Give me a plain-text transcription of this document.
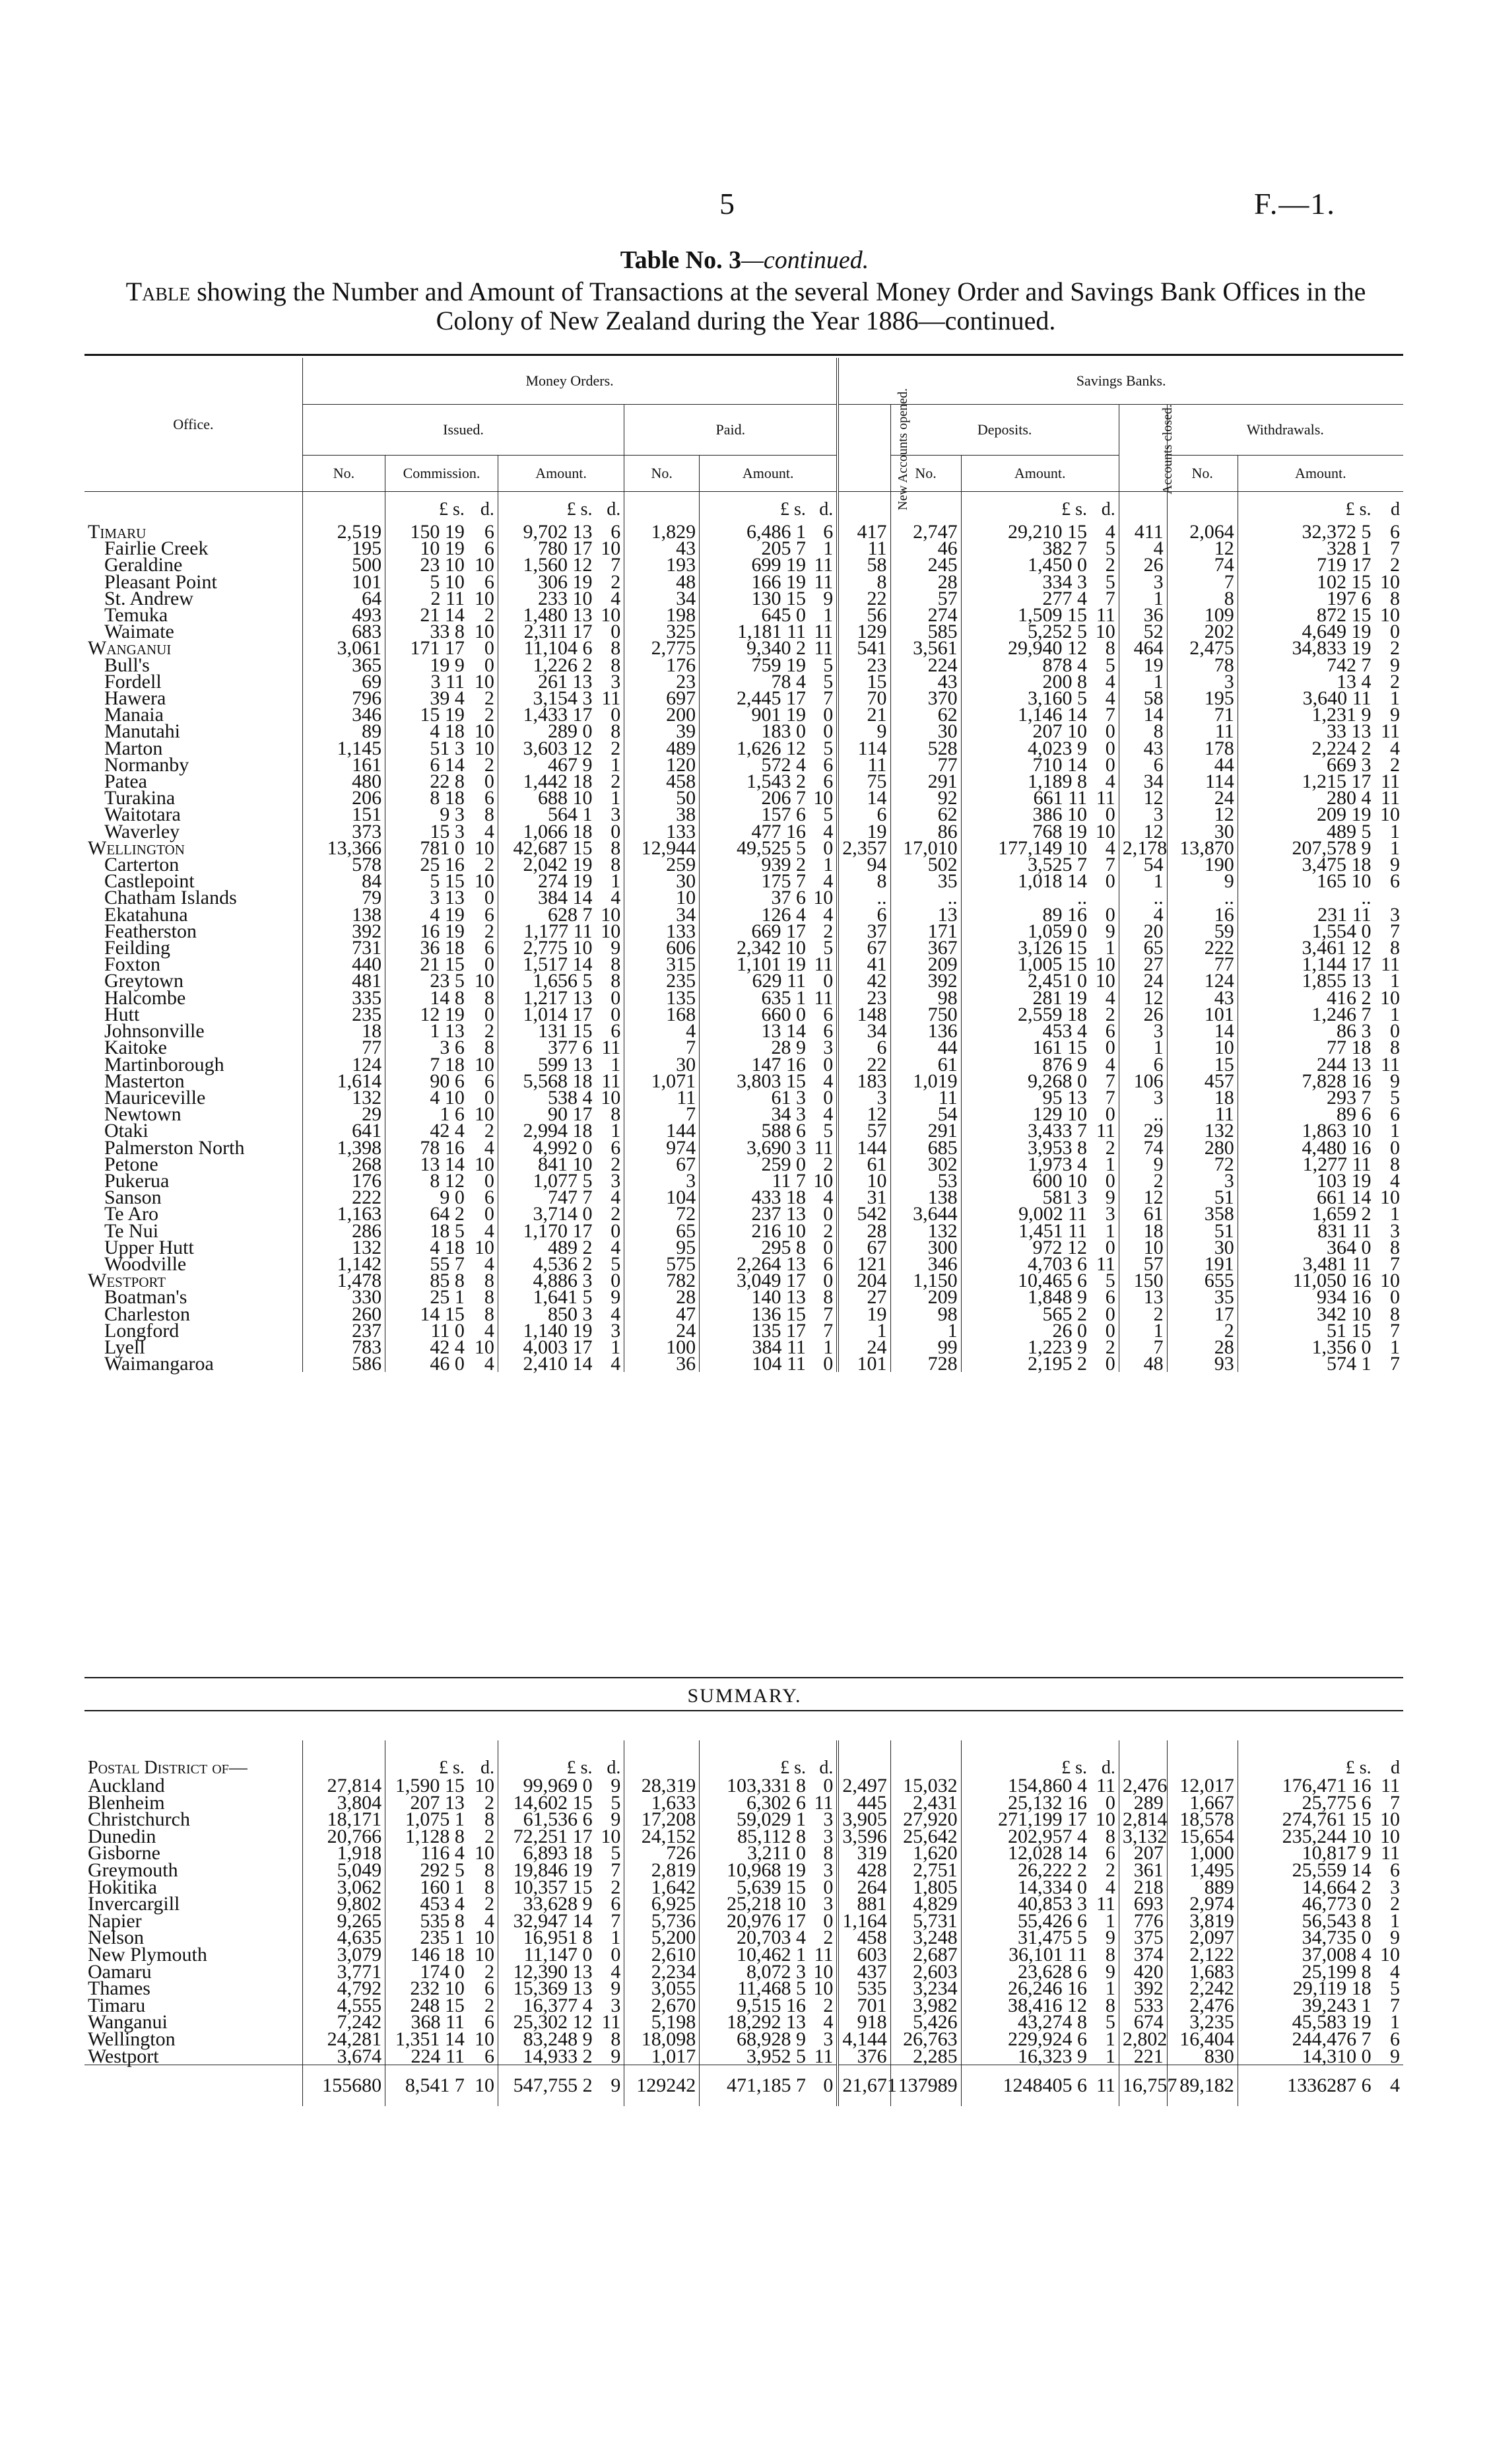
5	F.—1.
Table No. 3—continued.
Table showing the Number and Amount of Transactions at the several Money Order and Savings Bank Offices in the Colony of New Zealand during the Year 1886—continued.
Office.	Money Orders.								Savings Banks.							
	Issued.					Paid.			New Accounts opened.	Deposits.			Accounts closed.	Withdrawals.		
	No.	Commission.		Amount.		No.	Amount.			No.	Amount.			No.	Amount.	
		£ s.	d.	£ s.	d.		£ s.	d.			£ s.	d.			£ s.	d
Timaru	2,519	150 19	6	9,702 13	6	1,829	6,486 1	6	417	2,747	29,210 15	4	411	2,064	32,372 5	6
Fairlie Creek	195	10 19	6	780 17	10	43	205 7	1	11	46	382 7	5	4	12	328 1	7
Geraldine	500	23 10	10	1,560 12	7	193	699 19	11	58	245	1,450 0	2	26	74	719 17	2
Pleasant Point	101	5 10	6	306 19	2	48	166 19	11	8	28	334 3	5	3	7	102 15	10
St. Andrew	64	2 11	10	233 10	4	34	130 15	9	22	57	277 4	7	1	8	197 6	8
Temuka	493	21 14	2	1,480 13	10	198	645 0	1	56	274	1,509 15	11	36	109	872 15	10
Waimate	683	33 8	10	2,311 17	0	325	1,181 11	11	129	585	5,252 5	10	52	202	4,649 19	0
Wanganui	3,061	171 17	0	11,104 6	8	2,775	9,340 2	11	541	3,561	29,940 12	8	464	2,475	34,833 19	2
Bull's	365	19 9	0	1,226 2	8	176	759 19	5	23	224	878 4	5	19	78	742 7	9
Fordell	69	3 11	10	261 13	3	23	78 4	5	15	43	200 8	4	1	3	13 4	2
Hawera	796	39 4	2	3,154 3	11	697	2,445 17	7	70	370	3,160 5	4	58	195	3,640 11	1
Manaia	346	15 19	2	1,433 17	0	200	901 19	0	21	62	1,146 14	7	14	71	1,231 9	9
Manutahi	89	4 18	10	289 0	8	39	183 0	0	9	30	207 10	0	8	11	33 13	11
Marton	1,145	51 3	10	3,603 12	2	489	1,626 12	5	114	528	4,023 9	0	43	178	2,224 2	4
Normanby	161	6 14	2	467 9	1	120	572 4	6	11	77	710 14	0	6	44	669 3	2
Patea	480	22 8	0	1,442 18	2	458	1,543 2	6	75	291	1,189 8	4	34	114	1,215 17	11
Turakina	206	8 18	6	688 10	1	50	206 7	10	14	92	661 11	11	12	24	280 4	11
Waitotara	151	9 3	8	564 1	3	38	157 6	5	6	62	386 10	0	3	12	209 19	10
Waverley	373	15 3	4	1,066 18	0	133	477 16	4	19	86	768 19	10	12	30	489 5	1
Wellington	13,366	781 0	10	42,687 15	8	12,944	49,525 5	0	2,357	17,010	177,149 10	4	2,178	13,870	207,578 9	1
Carterton	578	25 16	2	2,042 19	8	259	939 2	1	94	502	3,525 7	7	54	190	3,475 18	9
Castlepoint	84	5 15	10	274 19	1	30	175 7	4	8	35	1,018 14	0	1	9	165 10	6
Chatham Islands	79	3 13	0	384 14	4	10	37 6	10	..	..	..		..	..	..	
Ekatahuna	138	4 19	6	628 7	10	34	126 4	4	6	13	89 16	0	4	16	231 11	3
Featherston	392	16 19	2	1,177 11	10	133	669 17	2	37	171	1,059 0	9	20	59	1,554 0	7
Feilding	731	36 18	6	2,775 10	9	606	2,342 10	5	67	367	3,126 15	1	65	222	3,461 12	8
Foxton	440	21 15	0	1,517 14	8	315	1,101 19	11	41	209	1,005 15	10	27	77	1,144 17	11
Greytown	481	23 5	10	1,656 5	8	235	629 11	0	42	392	2,451 0	10	24	124	1,855 13	1
Halcombe	335	14 8	8	1,217 13	0	135	635 1	11	23	98	281 19	4	12	43	416 2	10
Hutt	235	12 19	0	1,014 17	0	168	660 0	6	148	750	2,559 18	2	26	101	1,246 7	1
Johnsonville	18	1 13	2	131 15	6	4	13 14	6	34	136	453 4	6	3	14	86 3	0
Kaitoke	77	3 6	8	377 6	11	7	28 9	3	6	44	161 15	0	1	10	77 18	8
Martinborough	124	7 18	10	599 13	1	30	147 16	0	22	61	876 9	4	6	15	244 13	11
Masterton	1,614	90 6	6	5,568 18	11	1,071	3,803 15	4	183	1,019	9,268 0	7	106	457	7,828 16	9
Mauriceville	132	4 10	0	538 4	10	11	61 3	0	3	11	95 13	7	3	18	293 7	5
Newtown	29	1 6	10	90 17	8	7	34 3	4	12	54	129 10	0	..	11	89 6	6
Otaki	641	42 4	2	2,994 18	1	144	588 6	5	57	291	3,433 7	11	29	132	1,863 10	1
Palmerston North	1,398	78 16	4	4,992 0	6	974	3,690 3	11	144	685	3,953 8	2	74	280	4,480 16	0
Petone	268	13 14	10	841 10	2	67	259 0	2	61	302	1,973 4	1	9	72	1,277 11	8
Pukerua	176	8 12	0	1,077 5	3	3	11 7	10	10	53	600 10	0	2	3	103 19	4
Sanson	222	9 0	6	747 7	4	104	433 18	4	31	138	581 3	9	12	51	661 14	10
Te Aro	1,163	64 2	0	3,714 0	2	72	237 13	0	542	3,644	9,002 11	3	61	358	1,659 2	1
Te Nui	286	18 5	4	1,170 17	0	65	216 10	2	28	132	1,451 11	1	18	51	831 11	3
Upper Hutt	132	4 18	10	489 2	4	95	295 8	0	67	300	972 12	0	10	30	364 0	8
Woodville	1,142	55 7	4	4,536 2	5	575	2,264 13	6	121	346	4,703 6	11	57	191	3,481 11	7
Westport	1,478	85 8	8	4,886 3	0	782	3,049 17	0	204	1,150	10,465 6	5	150	655	11,050 16	10
Boatman's	330	25 1	8	1,641 5	9	28	140 13	8	27	209	1,848 9	6	13	35	934 16	0
Charleston	260	14 15	8	850 3	4	47	136 15	7	19	98	565 2	0	2	17	342 10	8
Longford	237	11 0	4	1,140 19	3	24	135 17	7	1	1	26 0	0	1	2	51 15	7
Lyell	783	42 4	10	4,003 17	1	100	384 11	1	24	99	1,223 9	2	7	28	1,356 0	1
Waimangaroa	586	46 0	4	2,410 14	4	36	104 11	0	101	728	2,195 2	0	48	93	574 1	7
SUMMARY.
Postal District of—		£ s.	d.	£ s.	d.		£ s.	d.			£ s.	d.			£ s.	d
Auckland	27,814	1,590 15	10	99,969 0	9	28,319	103,331 8	0	2,497	15,032	154,860 4	11	2,476	12,017	176,471 16	11
Blenheim	3,804	207 13	2	14,602 15	5	1,633	6,302 6	11	445	2,431	25,132 16	0	289	1,667	25,775 6	7
Christchurch	18,171	1,075 1	8	61,536 6	9	17,208	59,029 1	3	3,905	27,920	271,199 17	10	2,814	18,578	274,761 15	10
Dunedin	20,766	1,128 8	2	72,251 17	10	24,152	85,112 8	3	3,596	25,642	202,957 4	8	3,132	15,654	235,244 10	10
Gisborne	1,918	116 4	10	6,893 18	5	726	3,211 0	8	319	1,620	12,028 14	6	207	1,000	10,817 9	11
Greymouth	5,049	292 5	8	19,846 19	7	2,819	10,968 19	3	428	2,751	26,222 2	2	361	1,495	25,559 14	6
Hokitika	3,062	160 1	8	10,357 15	2	1,642	5,639 15	0	264	1,805	14,334 0	4	218	889	14,664 2	3
Invercargill	9,802	453 4	2	33,628 9	6	6,925	25,218 10	3	881	4,829	40,853 3	11	693	2,974	46,773 0	2
Napier	9,265	535 8	4	32,947 14	7	5,736	20,976 17	0	1,164	5,731	55,426 6	1	776	3,819	56,543 8	1
Nelson	4,635	235 1	10	16,951 8	1	5,200	20,703 4	2	458	3,248	31,475 5	9	375	2,097	34,735 0	9
New Plymouth	3,079	146 18	10	11,147 0	0	2,610	10,462 1	11	603	2,687	36,101 11	8	374	2,122	37,008 4	10
Oamaru	3,771	174 0	2	12,390 13	4	2,234	8,072 3	10	437	2,603	23,628 6	9	420	1,683	25,199 8	4
Thames	4,792	232 10	6	15,369 13	9	3,055	11,468 5	10	535	3,234	26,246 16	1	392	2,242	29,119 18	5
Timaru	4,555	248 15	2	16,377 4	3	2,670	9,515 16	2	701	3,982	38,416 12	8	533	2,476	39,243 1	7
Wanganui	7,242	368 11	6	25,302 12	11	5,198	18,292 13	4	918	5,426	43,274 8	5	674	3,235	45,583 19	1
Wellington	24,281	1,351 14	10	83,248 9	8	18,098	68,928 9	3	4,144	26,763	229,924 6	1	2,802	16,404	244,476 7	6
Westport	3,674	224 11	6	14,933 2	9	1,017	3,952 5	11	376	2,285	16,323 9	1	221	830	14,310 0	9
	155680	8,541 7	10	547,755 2	9	129242	471,185 7	0	21,671	137989	1248405 6	11	16,757	89,182	1336287 6	4
